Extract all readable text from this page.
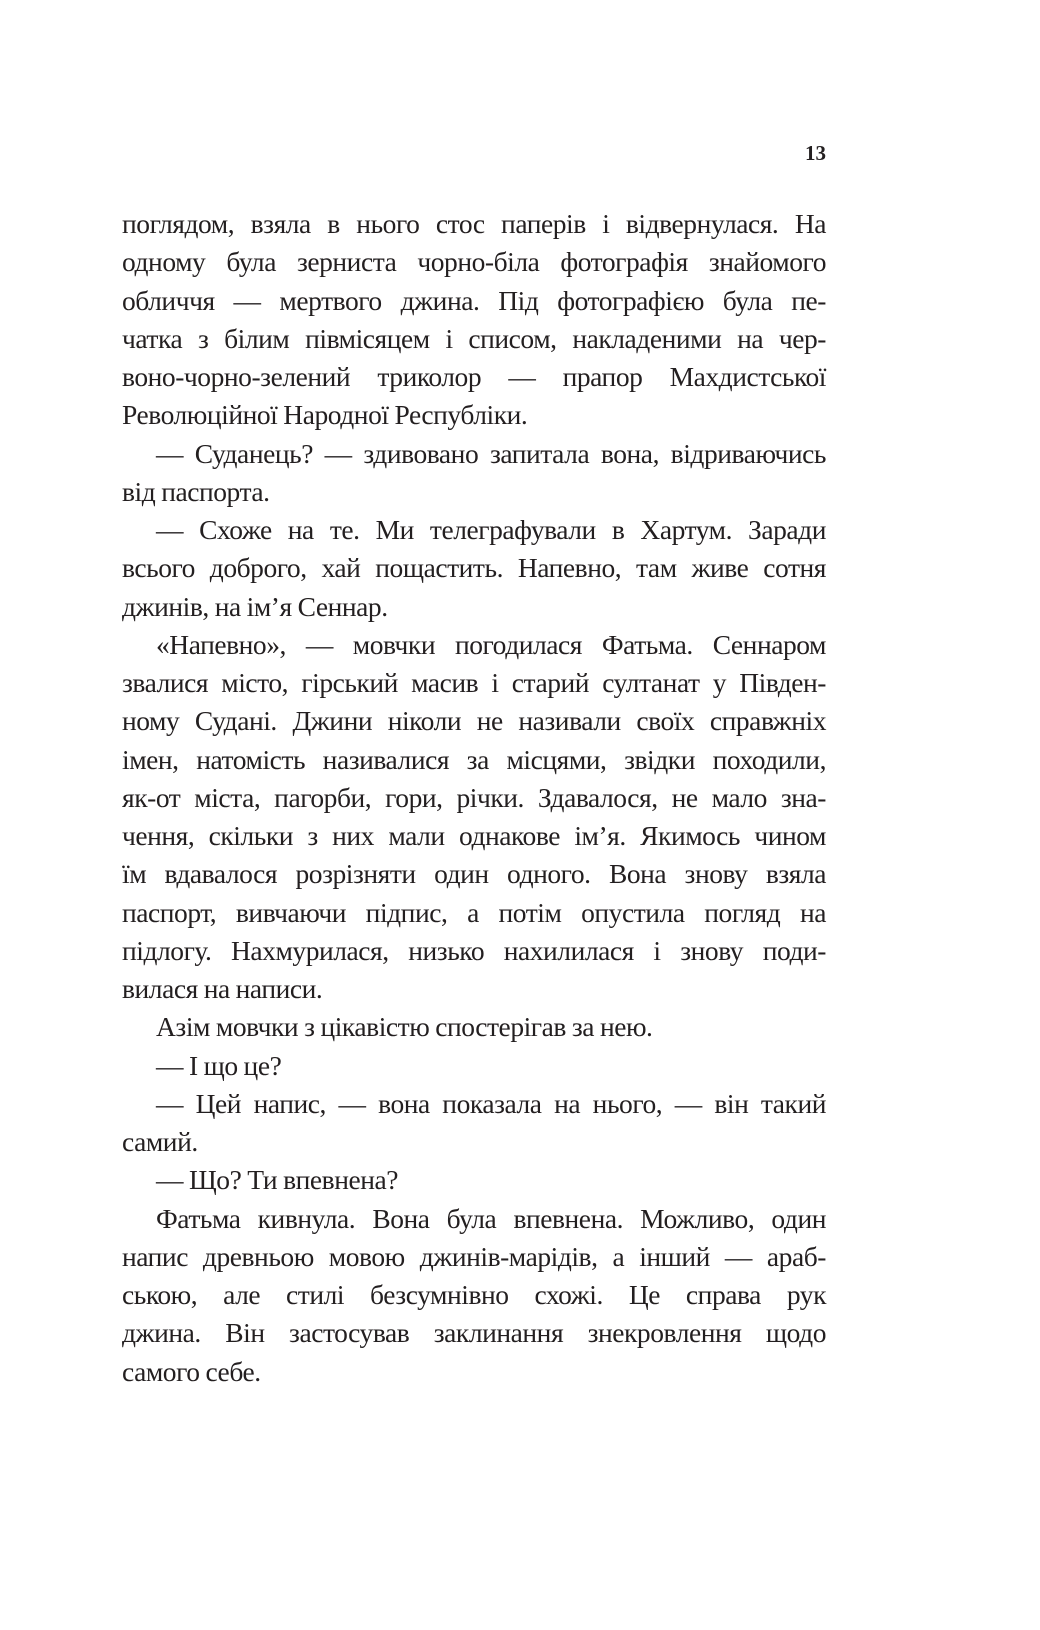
13
поглядом, взяла в нього стос паперів і відвернулася. На
одному була зерниста чорно-біла фотографія знайомого
обличчя — мертвого джина. Під фотографією була пе-
чатка з білим півмісяцем і списом, накладеними на чер-
воно-чорно-зелений триколор — прапор Махдистської
Революційної Народної Республіки.
— Суданець? — здивовано запитала вона, відриваючись
від паспорта.
— Схоже на те. Ми телеграфували в Хартум. Заради
всього доброго, хай пощастить. Напевно, там живе сотня
джинів, на ім’я Сеннар.
«Напевно», — мовчки погодилася Фатьма. Сеннаром
звалися місто, гірський масив і старий султанат у Півден-
ному Судані. Джини ніколи не називали своїх справжніх
імен, натомість називалися за місцями, звідки походили,
як-от міста, пагорби, гори, річки. Здавалося, не мало зна-
чення, скільки з них мали однакове ім’я. Якимось чином
їм вдавалося розрізняти один одного. Вона знову взяла
паспорт, вивчаючи підпис, а потім опустила погляд на
підлогу. Нахмурилася, низько нахилилася і знову поди-
вилася на написи.
Азім мовчки з цікавістю спостерігав за нею.
— І що це?
— Цей напис, — вона показала на нього, — він такий
самий.
— Що? Ти впевнена?
Фатьма кивнула. Вона була впевнена. Можливо, один
напис древньою мовою джинів-марідів, а інший — араб-
ською, але стилі безсумнівно схожі. Це справа рук
джина. Він застосував заклинання знекровлення щодо
самого себе.
